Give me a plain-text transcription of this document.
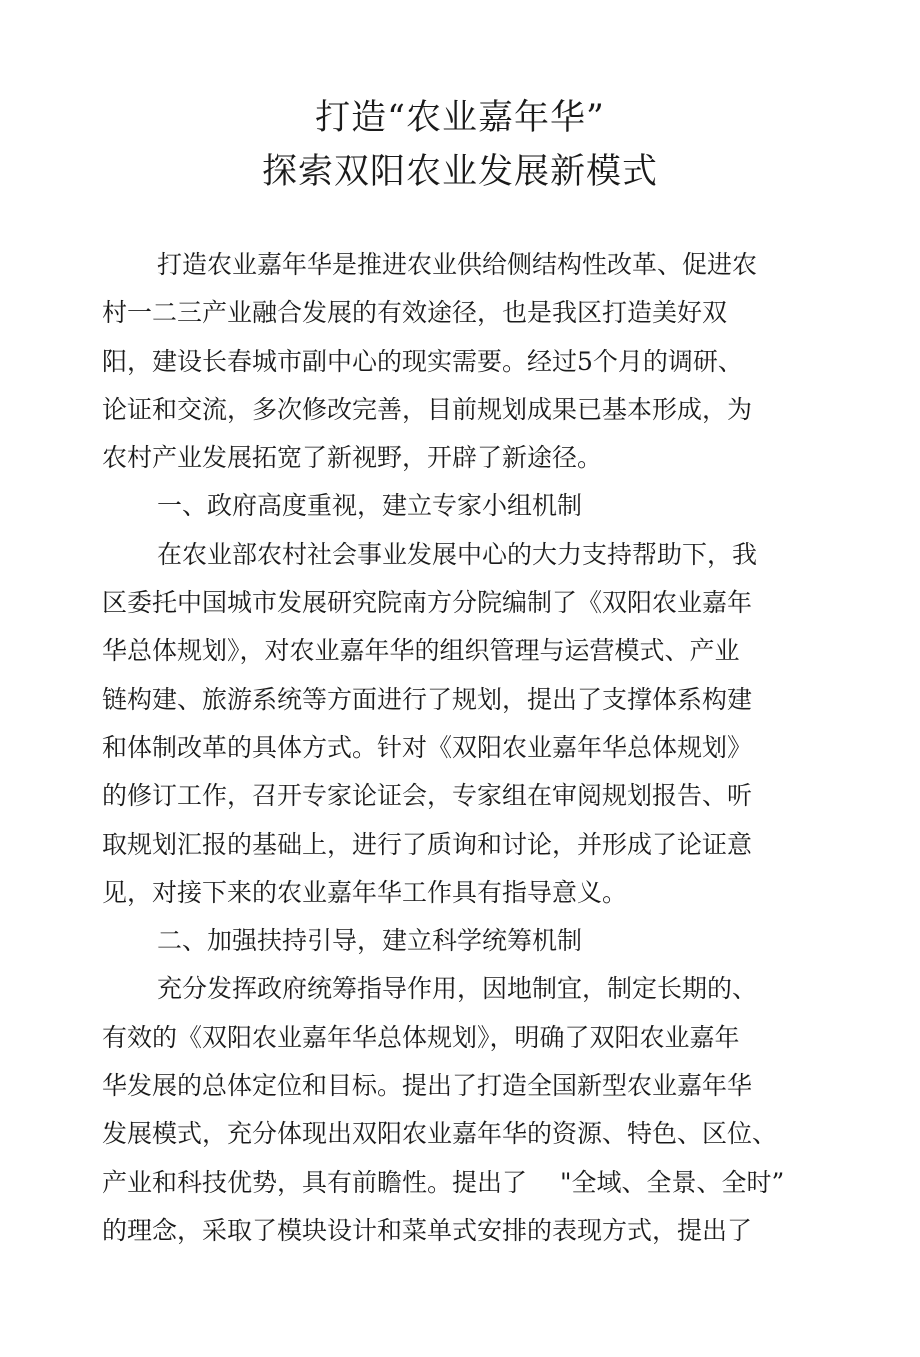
打造“农业嘉年华”
探索双阳农业发展新模式
打造农业嘉年华是推进农业供给侧结构性改革、促进农
村一二三产业融合发展的有效途径，也是我区打造美好双
阳，建设长春城市副中心的现实需要。经过5个月的调研、
论证和交流，多次修改完善，目前规划成果已基本形成，为
农村产业发展拓宽了新视野，开辟了新途径。
一、政府高度重视，建立专家小组机制
在农业部农村社会事业发展中心的大力支持帮助下，我
区委托中国城市发展研究院南方分院编制了《双阳农业嘉年
华总体规划》，对农业嘉年华的组织管理与运营模式、产业
链构建、旅游系统等方面进行了规划，提出了支撑体系构建
和体制改革的具体方式。针对《双阳农业嘉年华总体规划》
的修订工作，召开专家论证会，专家组在审阅规划报告、听
取规划汇报的基础上，进行了质询和讨论，并形成了论证意
见，对接下来的农业嘉年华工作具有指导意义。
二、加强扶持引导，建立科学统筹机制
充分发挥政府统筹指导作用，因地制宜，制定长期的、
有效的《双阳农业嘉年华总体规划》，明确了双阳农业嘉年
华发展的总体定位和目标。提出了打造全国新型农业嘉年华
发展模式，充分体现出双阳农业嘉年华的资源、特色、区位、
产业和科技优势，具有前瞻性。提出了　 "全域、全景、全时”
的理念，采取了模块设计和菜单式安排的表现方式，提出了
